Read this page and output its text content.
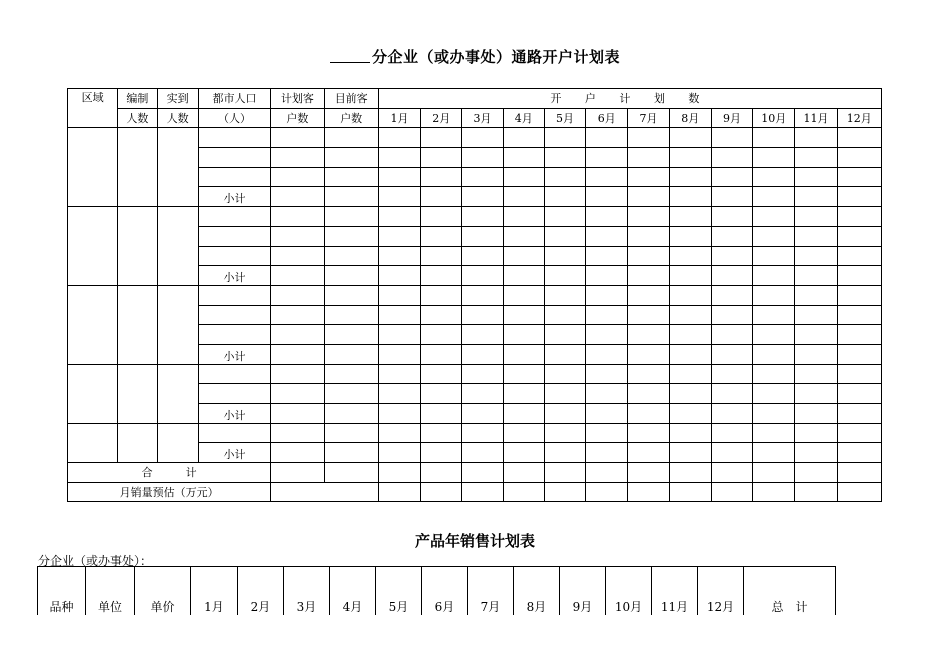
分企业（或办事处）通路开户计划表
区域	编制	实到	都市人口	计划客	目前客	开 户 计 划 数											
	人数	人数	（人）	户数	户数	1月	2月	3月	4月	5月	6月	7月	8月	9月	10月	11月	12月

			小计														

			小计														

			小计														

			小计														

			小计														
合　　　计																	
月销量预估（万元）																	
产品年销售计划表
分企业（或办事处）：
品种	单位	单价	1月	2月	3月	4月	5月	6月	7月	8月	9月	10月	11月	12月	总　计
